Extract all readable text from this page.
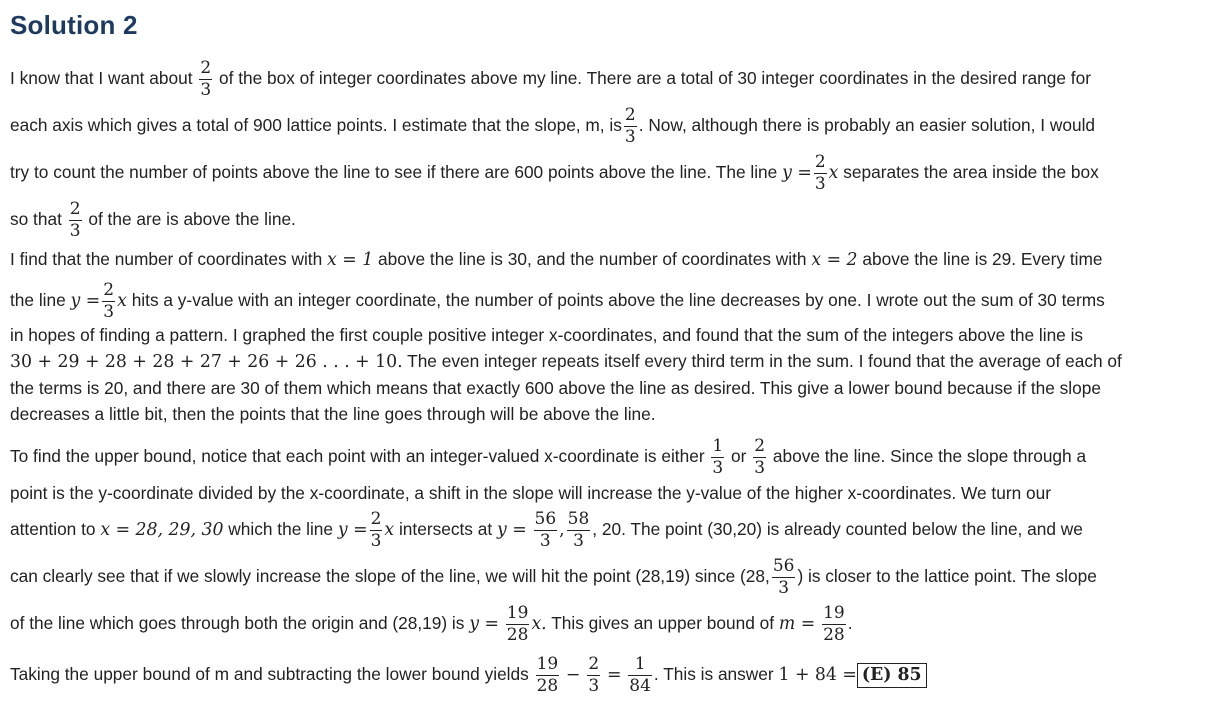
Solution 2
I know that I want about $\frac{2}{3}$ of the box of integer coordinates above my line. There are a total of 30 integer coordinates in the desired range for
each axis which gives a total of 900 lattice points. I estimate that the slope, m, is $\frac{2}{3}$ . Now, although there is probably an easier solution, I would
try to count the number of points above the line to see if there are 600 points above the line. The line $y = \frac{2}{3}$ x separates the area inside the box
so that $\frac{2}{3}$ of the are is above the line.
I find that the number of coordinates with x = 1 above the line is 30, and the number of coordinates with x = 2 above the line is 29. Every time
the line $y = \frac{2}{3}$ x hits a y-value with an integer coordinate, the number of points above the line decreases by one. I wrote out the sum of 30 terms
in hopes of finding a pattern. I graphed the first couple positive integer x-coordinates, and found that the sum of the integers above the line is
30 + 29 + 28 + 28 + 27 + 26 + 26 . . . + 10. The even integer repeats itself every third term in the sum. I found that the average of each of
the terms is 20, and there are 30 of them which means that exactly 600 above the line as desired. This give a lower bound because if the slope
decreases a little bit, then the points that the line goes through will be above the line.
To find the upper bound, notice that each point with an integer-valued x-coordinate is either $\frac{1}{3}$ or $\frac{2}{3}$ above the line. Since the slope through a
point is the y-coordinate divided by the x-coordinate, a shift in the slope will increase the y-value of the higher x-coordinates. We turn our
attention to x = 28, 29, 30 which the line $y = \frac{2}{3}$ x intersects at $y = \frac{56}{3}$ , $\frac{58}{3}$ , 20. The point (30,20) is already counted below the line, and we
can clearly see that if we slowly increase the slope of the line, we will hit the point (28,19) since (28, $\frac{56}{3}$ ) is closer to the lattice point. The slope
of the line which goes through both the origin and (28,19) is $y = \frac{19}{28} x$. This gives an upper bound of $m = \frac{19}{28}$ .
Taking the upper bound of m and subtracting the lower bound yields $\frac{19}{28} - \frac{2}{3} = \frac{1}{84}$ . This is answer 1 + 84 = (E) 85
